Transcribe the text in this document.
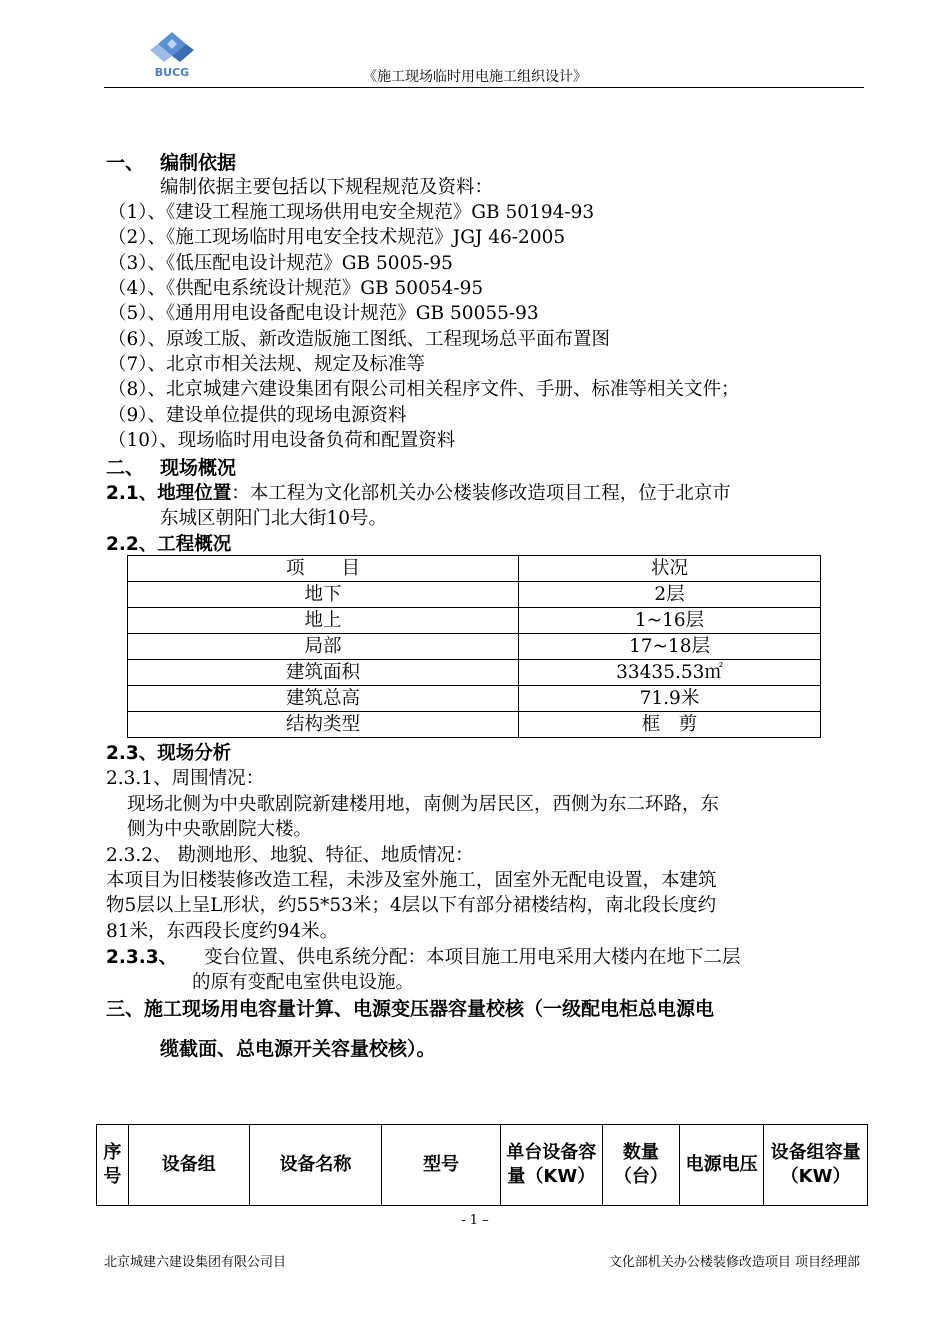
BUCG	《施工现场临时用电施工组织设计》
一、 编制依据
编制依据主要包括以下规程规范及资料：
（1）、《建设工程施工现场供用电安全规范》GB 50194-93
（2）、《施工现场临时用电安全技术规范》JGJ 46-2005
（3）、《低压配电设计规范》GB 5005-95
（4）、《供配电系统设计规范》GB 50054-95
（5）、《通用用电设备配电设计规范》GB 50055-93
（6）、原竣工版、新改造版施工图纸、工程现场总平面布置图
（7）、北京市相关法规、规定及标准等
（8）、北京城建六建设集团有限公司相关程序文件、手册、标准等相关文件；
（9）、建设单位提供的现场电源资料
（10）、现场临时用电设备负荷和配置资料
二、 现场概况
2.1、地理位置：本工程为文化部机关办公楼装修改造项目工程，位于北京市
东城区朝阳门北大街10号。
2.2、工程概况
项　　目	状况
地下	2层
地上	1~16层
局部	17~18层
建筑面积	33435.53㎡
建筑总高	71.9米
结构类型	框　剪
2.3、现场分析
2.3.1、周围情况：
现场北侧为中央歌剧院新建楼用地，南侧为居民区，西侧为东二环路，东
侧为中央歌剧院大楼。
2.3.2、 勘测地形、地貌、特征、地质情况：
本项目为旧楼装修改造工程，未涉及室外施工，固室外无配电设置，本建筑
物5层以上呈L形状，约55*53米；4层以下有部分裙楼结构，南北段长度约
81米，东西段长度约94米。
2.3.3、 变台位置、供电系统分配：本项目施工用电采用大楼内在地下二层
的原有变配电室供电设施。
三、施工现场用电容量计算、电源变压器容量校核（一级配电柜总电源电
缆截面、总电源开关容量校核）。
序号	设备组	设备名称	型号	单台设备容量（KW）	数量（台）	电源电压	设备组容量（KW）
- 1 –
北京城建六建设集团有限公司目	文化部机关办公楼装修改造项目 项目经理部
